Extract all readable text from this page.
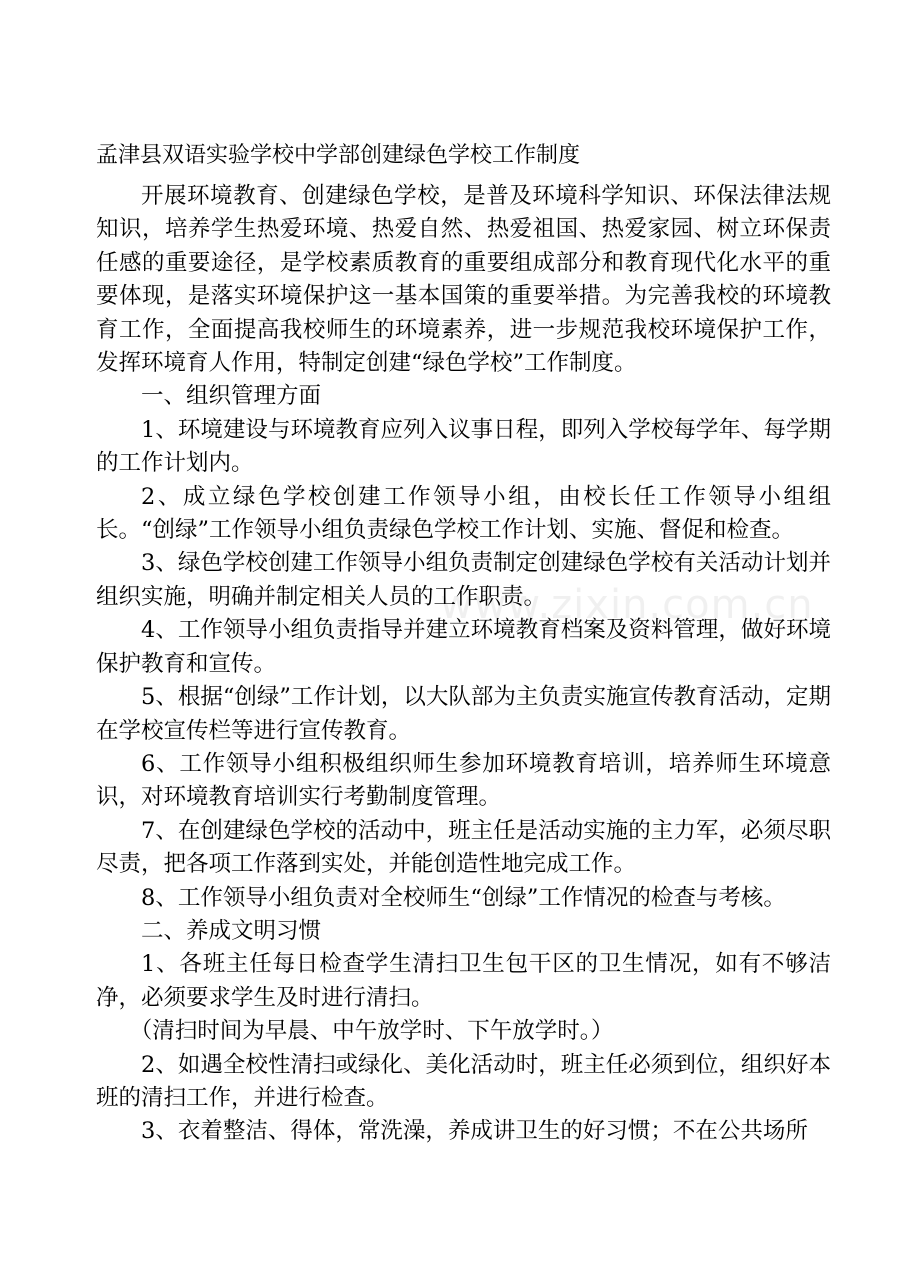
孟津县双语实验学校中学部创建绿色学校工作制度

开展环境教育、创建绿色学校，是普及环境科学知识、环保法律法规知识，培养学生热爱环境、热爱自然、热爱祖国、热爱家园、树立环保责任感的重要途径，是学校素质教育的重要组成部分和教育现代化水平的重要体现，是落实环境保护这一基本国策的重要举措。为完善我校的环境教育工作，全面提高我校师生的环境素养，进一步规范我校环境保护工作，发挥环境育人作用，特制定创建“绿色学校”工作制度。

一、组织管理方面

1、环境建设与环境教育应列入议事日程，即列入学校每学年、每学期的工作计划内。

2、成立绿色学校创建工作领导小组，由校长任工作领导小组组长。“创绿”工作领导小组负责绿色学校工作计划、实施、督促和检查。

3、绿色学校创建工作领导小组负责制定创建绿色学校有关活动计划并组织实施，明确并制定相关人员的工作职责。

4、工作领导小组负责指导并建立环境教育档案及资料管理，做好环境保护教育和宣传。

5、根据“创绿”工作计划，以大队部为主负责实施宣传教育活动，定期在学校宣传栏等进行宣传教育。

6、工作领导小组积极组织师生参加环境教育培训，培养师生环境意识，对环境教育培训实行考勤制度管理。

7、在创建绿色学校的活动中，班主任是活动实施的主力军，必须尽职尽责，把各项工作落到实处，并能创造性地完成工作。

8、工作领导小组负责对全校师生“创绿”工作情况的检查与考核。

二、养成文明习惯

1、各班主任每日检查学生清扫卫生包干区的卫生情况，如有不够洁净，必须要求学生及时进行清扫。

（清扫时间为早晨、中午放学时、下午放学时。）

2、如遇全校性清扫或绿化、美化活动时，班主任必须到位，组织好本班的清扫工作，并进行检查。

3、衣着整洁、得体，常洗澡，养成讲卫生的好习惯；不在公共场所

www.zixin.com.cn
